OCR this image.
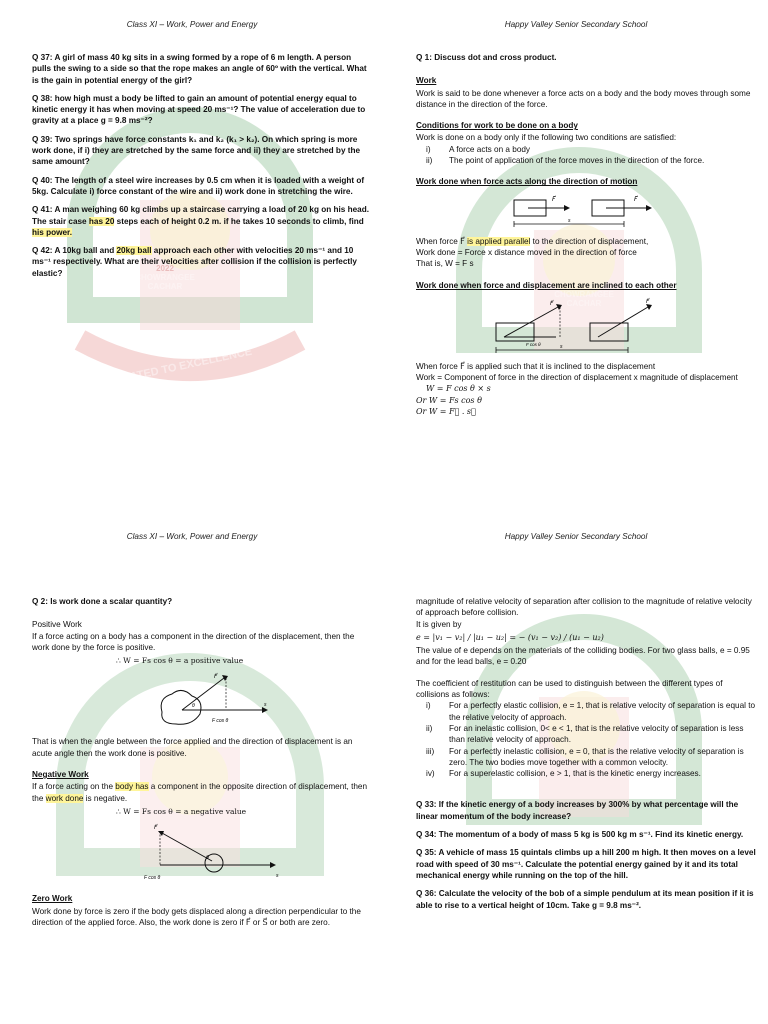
2022
CHOWRANGEE
CACHAR
DEDICATED TO EXCELLENCE
Class XI – Work, Power and Energy

Q 37: A girl of mass 40 kg sits in a swing formed by a rope of 6 m length. A person pulls the swing to a side so that the rope makes an angle of 60º with the vertical. What is the gain in potential energy of the girl?

Q 38: how high must a body be lifted to gain an amount of potential energy equal to kinetic energy it has when moving at speed 20 ms⁻¹? The value of acceleration due to gravity at a place g = 9.8 ms⁻²?

Q 39: Two springs have force constants k₁ and k₂ (k₁ > k₂). On which spring is more work done, if i) they are stretched by the same force and ii) they are stretched by the same amount?

Q 40: The length of a steel wire increases by 0.5 cm when it is loaded with a weight of 5kg. Calculate i) force constant of the wire and ii) work done in stretching the wire.

Q 41: A man weighing 60 kg climbs up a staircase carrying a load of 20 kg on his head. The stair case has 20 steps each of height 0.2 m. if he takes 10 seconds to climb, find his power.

Q 42: A 10kg ball and 20kg ball approach each other with velocities 20 ms⁻¹ and 10 ms⁻¹ respectively. What are their velocities after collision if the collision is perfectly elastic?

CHOWRANGEE
CACHAR
Happy Valley Senior Secondary School

Q 1: Discuss dot and cross product.

Work

Work is said to be done whenever a force acts on a body and the body moves through some distance in the direction of the force.

Conditions for work to be done on a body

Work is done on a body only if the following two conditions are satisfied:

i) A force acts on a body
ii) The point of application of the force moves in the direction of the force.
Work done when force acts along the direction of motion
F⃗	F⃗
s

When force F⃗ is applied parallel to the direction of displacement,

Work done = Force x distance moved in the direction of force

That is, W = F s

Work done when force and displacement are inclined to each other
F⃗	F⃗
F cos θ	s

When force F⃗ is applied such that it is inclined to the displacement

Work = Component of force in the direction of displacement x magnitude of displacement

W = F cos θ × s

Or W = Fs cos θ

Or W = F⃗ . s⃗

Class XI – Work, Power and Energy

Q 2: Is work done a scalar quantity?

Positive Work

If a force acting on a body has a component in the direction of the displacement, then the work done by the force is positive.

∴ W = Fs cos θ = a positive value

F⃗
θ
F cos θ
s

That is when the angle between the force applied and the direction of displacement is an acute angle then the work done is positive.

Negative Work

If a force acting on the body has a component in the opposite direction of displacement, then the work done is negative.

∴ W = Fs cos θ = a negative value

F⃗
θ
F cos θ	s
Zero Work

Work done by force is zero if the body gets displaced along a direction perpendicular to the direction of the applied force. Also, the work done is zero if F⃗ or S⃗ or both are zero.

Happy Valley Senior Secondary School

magnitude of relative velocity of separation after collision to the magnitude of relative velocity of approach before collision.

It is given by

e = |v₁ − v₂| / |u₁ − u₂| = − (v₁ − v₂) / (u₁ − u₂)

The value of e depends on the materials of the colliding bodies. For two glass balls, e = 0.95 and for the lead balls, e = 0.20

The coefficient of restitution can be used to distinguish between the different types of collisions as follows:

i) For a perfectly elastic collision, e = 1, that is relative velocity of separation is equal to the relative velocity of approach.
ii) For an inelastic collision, 0< e < 1, that is the relative velocity of separation is less than relative velocity of approach.
iii) For a perfectly inelastic collision, e = 0, that is the relative velocity of separation is zero. The two bodies move together with a common velocity.
iv) For a superelastic collision, e > 1, that is the kinetic energy increases.

Q 33: If the kinetic energy of a body increases by 300% by what percentage will the linear momentum of the body increase?

Q 34: The momentum of a body of mass 5 kg is 500 kg m s⁻¹. Find its kinetic energy.

Q 35: A vehicle of mass 15 quintals climbs up a hill 200 m high. It then moves on a level road with speed of 30 ms⁻¹. Calculate the potential energy gained by it and its total mechanical energy while running on the top of the hill.

Q 36: Calculate the velocity of the bob of a simple pendulum at its mean position if it is able to rise to a vertical height of 10cm. Take g = 9.8 ms⁻².
